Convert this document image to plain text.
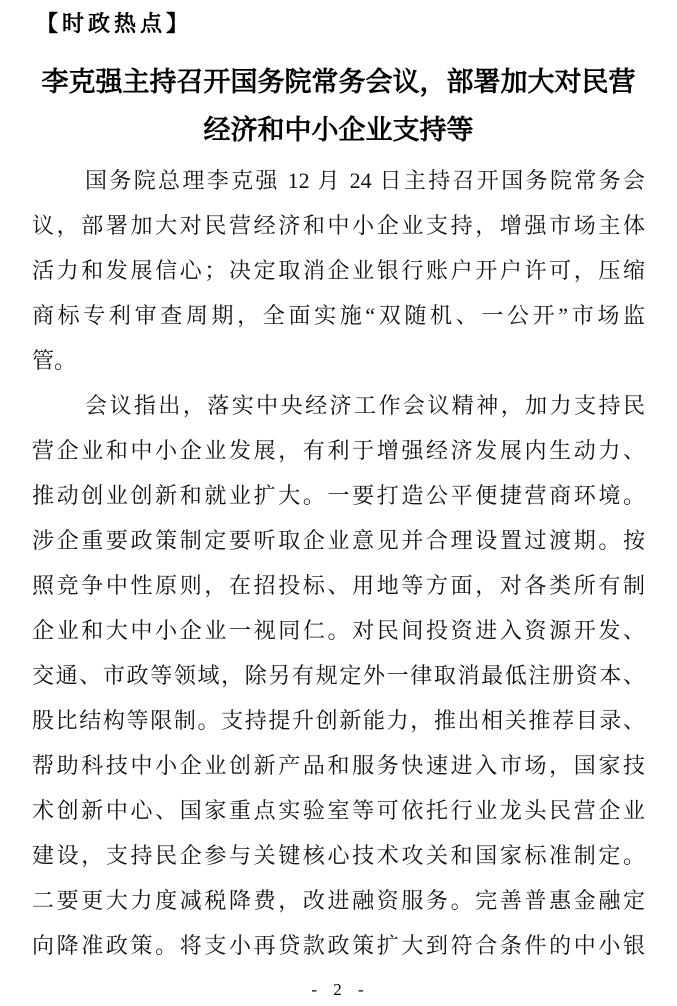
【时政热点】
李克强主持召开国务院常务会议，部署加大对民营
经济和中小企业支持等
国务院总理李克强 12 月 24 日主持召开国务院常务会
议，部署加大对民营经济和中小企业支持，增强市场主体
活力和发展信心；决定取消企业银行账户开户许可，压缩
商标专利审查周期，全面实施“双随机、一公开”市场监
管。
会议指出，落实中央经济工作会议精神，加力支持民
营企业和中小企业发展，有利于增强经济发展内生动力、
推动创业创新和就业扩大。一要打造公平便捷营商环境。
涉企重要政策制定要听取企业意见并合理设置过渡期。按
照竞争中性原则，在招投标、用地等方面，对各类所有制
企业和大中小企业一视同仁。对民间投资进入资源开发、
交通、市政等领域，除另有规定外一律取消最低注册资本、
股比结构等限制。支持提升创新能力，推出相关推荐目录、
帮助科技中小企业创新产品和服务快速进入市场，国家技
术创新中心、国家重点实验室等可依托行业龙头民营企业
建设，支持民企参与关键核心技术攻关和国家标准制定。
二要更大力度减税降费，改进融资服务。完善普惠金融定
向降准政策。将支小再贷款政策扩大到符合条件的中小银
- 2 -
